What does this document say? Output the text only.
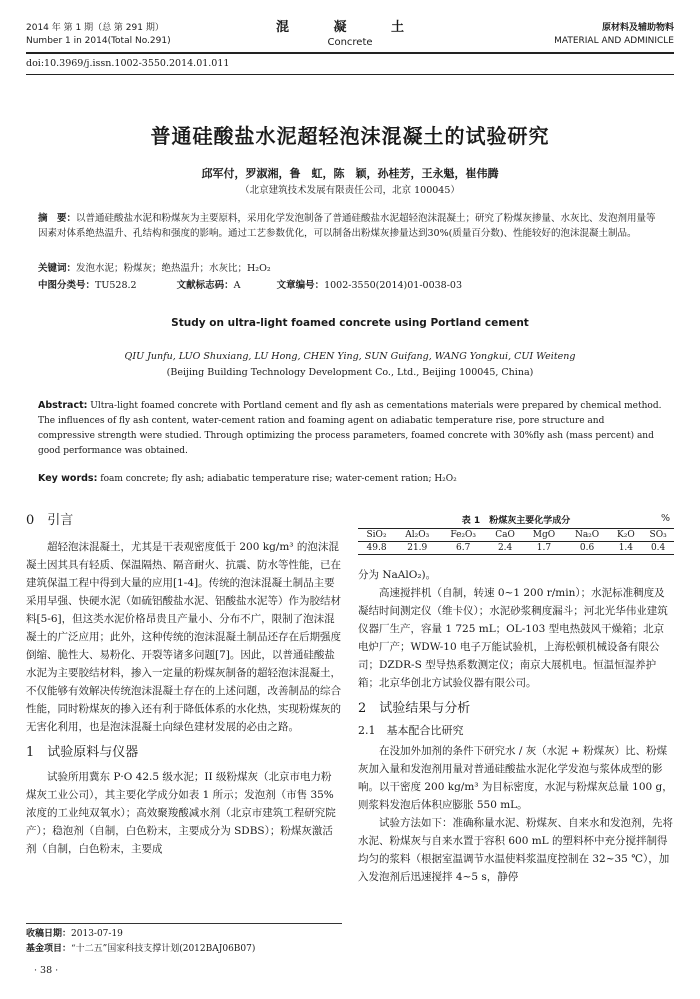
2014 年 第 1 期（总 第 291 期）
Number 1 in 2014(Total No.291)
混 凝 土
Concrete
原材料及辅助物料
MATERIAL AND ADMINICLE
doi:10.3969/j.issn.1002-3550.2014.01.011
普通硅酸盐水泥超轻泡沫混凝土的试验研究
邱军付，罗淑湘，鲁　虹，陈　颖，孙桂芳，王永魁，崔伟腾
（北京建筑技术发展有限责任公司，北京 100045）
摘　要：以普通硅酸盐水泥和粉煤灰为主要原料，采用化学发泡制备了普通硅酸盐水泥超轻泡沫混凝土；研究了粉煤灰掺量、水灰比、发泡剂用量等因素对体系绝热温升、孔结构和强度的影响。通过工艺参数优化，可以制备出粉煤灰掺量达到30%(质量百分数)、性能较好的泡沫混凝土制品。
关键词：发泡水泥；粉煤灰；绝热温升；水灰比；H₂O₂
中图分类号：TU528.2	文献标志码：A	文章编号：1002-3550(2014)01-0038-03
Study on ultra-light foamed concrete using Portland cement
QIU Junfu, LUO Shuxiang, LU Hong, CHEN Ying, SUN Guifang, WANG Yongkui, CUI Weiteng
(Beijing Building Technology Development Co., Ltd., Beijing 100045, China)
Abstract: Ultra-light foamed concrete with Portland cement and fly ash as cementations materials were prepared by chemical method. The influences of fly ash content, water-cement ration and foaming agent on adiabatic temperature rise, pore structure and compressive strength were studied. Through optimizing the process parameters, foamed concrete with 30%fly ash (mass percent) and good performance was obtained.
Key words: foam concrete; fly ash; adiabatic temperature rise; water-cement ration; H₂O₂
0　引言

超轻泡沫混凝土，尤其是干表观密度低于 200 kg/m³ 的泡沫混凝土因其具有轻质、保温隔热、隔音耐火、抗震、防水等性能，已在建筑保温工程中得到大量的应用[1-4]。传统的泡沫混凝土制品主要采用早强、快硬水泥（如硫铝酸盐水泥、铝酸盐水泥等）作为胶结材料[5-6]，但这类水泥价格昂贵且产量小、分布不广，限制了泡沫混凝土的广泛应用；此外，这种传统的泡沫混凝土制品还存在后期强度倒缩、脆性大、易粉化、开裂等诸多问题[7]。因此，以普通硅酸盐水泥为主要胶结材料，掺入一定量的粉煤灰制备的超轻泡沫混凝土，不仅能够有效解决传统泡沫混凝土存在的上述问题，改善制品的综合性能，同时粉煤灰的掺入还有利于降低体系的水化热，实现粉煤灰的无害化利用，也是泡沫混凝土向绿色建材发展的必由之路。

1　试验原料与仪器

试验所用冀东 P·O 42.5 级水泥；II 级粉煤灰（北京市电力粉煤灰工业公司），其主要化学成分如表 1 所示；发泡剂（市售 35%浓度的工业纯双氧水）；高效聚羧酸减水剂（北京市建筑工程研究院产）；稳泡剂（自制，白色粉末，主要成分为 SDBS）；粉煤灰激活剂（自制，白色粉末，主要成

收稿日期：2013-07-19
基金项目：“十二五”国家科技支撑计划(2012BAJ06B07)
· 38 ·
表 1　粉煤灰主要化学成分	%
SiO₂	Al₂O₃	Fe₂O₃	CaO	MgO	Na₂O	K₂O	SO₃
49.8	21.9	6.7	2.4	1.7	0.6	1.4	0.4

分为 NaAlO₂)。

高速搅拌机（自制，转速 0~1 200 r/min）；水泥标准稠度及凝结时间测定仪（维卡仪）；水泥砂浆稠度漏斗；河北光华伟业建筑仪器厂生产，容量 1 725 mL；OL-103 型电热鼓风干燥箱；北京电炉厂产；WDW-10 电子万能试验机，上海松顿机械设备有限公司；DZDR-S 型导热系数测定仪；南京大展机电。恒温恒湿养护箱；北京华创北方试验仪器有限公司。

2　试验结果与分析
2.1　基本配合比研究

在没加外加剂的条件下研究水 / 灰（水泥 + 粉煤灰）比、粉煤灰加入量和发泡剂用量对普通硅酸盐水泥化学发泡与浆体成型的影响。以干密度 200 kg/m³ 为目标密度，水泥与粉煤灰总量 100 g，则浆料发泡后体积应膨胀 550 mL。

试验方法如下：准确称量水泥、粉煤灰、自来水和发泡剂，先将水泥、粉煤灰与自来水置于容积 600 mL 的塑料杯中充分搅拌制得均匀的浆料（根据室温调节水温使料浆温度控制在 32~35 ℃），加入发泡剂后迅速搅拌 4~5 s，静停
